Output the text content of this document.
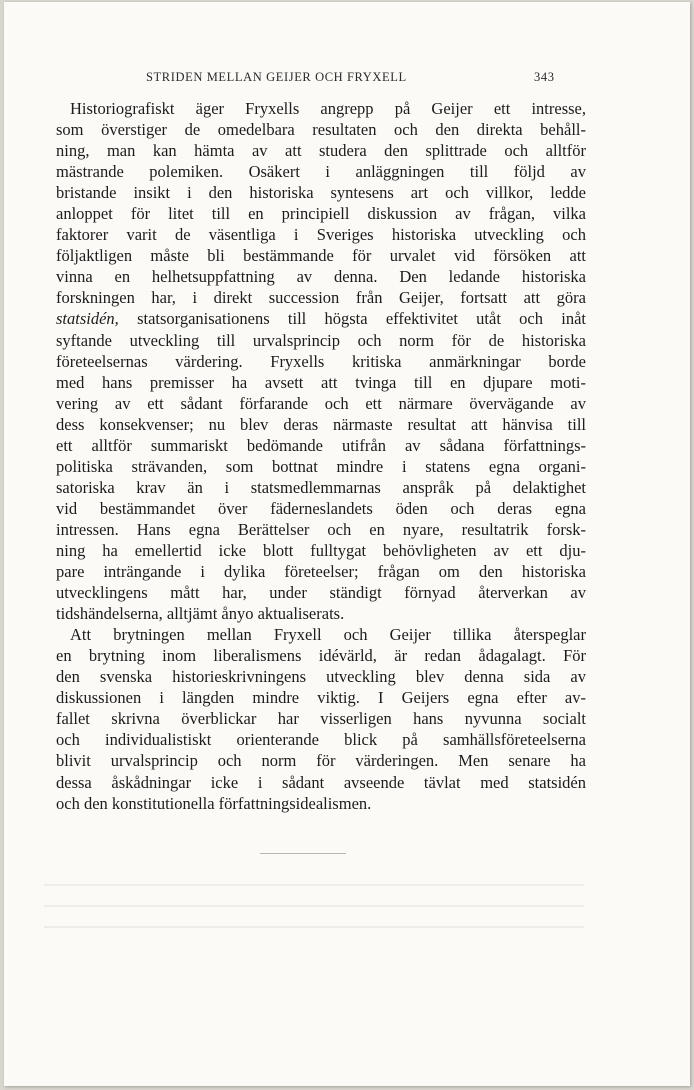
STRIDEN MELLAN GEIJER OCH FRYXELL	343
Historiografiskt äger Fryxells angrepp på Geijer ett intresse,
som överstiger de omedelbara resultaten och den direkta behåll-
ning, man kan hämta av att studera den splittrade och alltför
mästrande polemiken. Osäkert i anläggningen till följd av
bristande insikt i den historiska syntesens art och villkor, ledde
anloppet för litet till en principiell diskussion av frågan, vilka
faktorer varit de väsentliga i Sveriges historiska utveckling och
följaktligen måste bli bestämmande för urvalet vid försöken att
vinna en helhetsuppfattning av denna. Den ledande historiska
forskningen har, i direkt succession från Geijer, fortsatt att göra
statsidén, statsorganisationens till högsta effektivitet utåt och inåt
syftande utveckling till urvalsprincip och norm för de historiska
företeelsernas värdering. Fryxells kritiska anmärkningar borde
med hans premisser ha avsett att tvinga till en djupare moti-
vering av ett sådant förfarande och ett närmare övervägande av
dess konsekvenser; nu blev deras närmaste resultat att hänvisa till
ett alltför summariskt bedömande utifrån av sådana författnings-
politiska strävanden, som bottnat mindre i statens egna organi-
satoriska krav än i statsmedlemmarnas anspråk på delaktighet
vid bestämmandet över fäderneslandets öden och deras egna
intressen. Hans egna Berättelser och en nyare, resultatrik forsk-
ning ha emellertid icke blott fulltygat behövligheten av ett dju-
pare inträngande i dylika företeelser; frågan om den historiska
utvecklingens mått har, under ständigt förnyad återverkan av
tidshändelserna, alltjämt ånyo aktualiserats.
Att brytningen mellan Fryxell och Geijer tillika återspeglar
en brytning inom liberalismens idévärld, är redan ådagalagt. För
den svenska historieskrivningens utveckling blev denna sida av
diskussionen i längden mindre viktig. I Geijers egna efter av-
fallet skrivna överblickar har visserligen hans nyvunna socialt
och individualistiskt orienterande blick på samhällsföreteelserna
blivit urvalsprincip och norm för värderingen. Men senare ha
dessa åskådningar icke i sådant avseende tävlat med statsidén
och den konstitutionella författningsidealismen.
